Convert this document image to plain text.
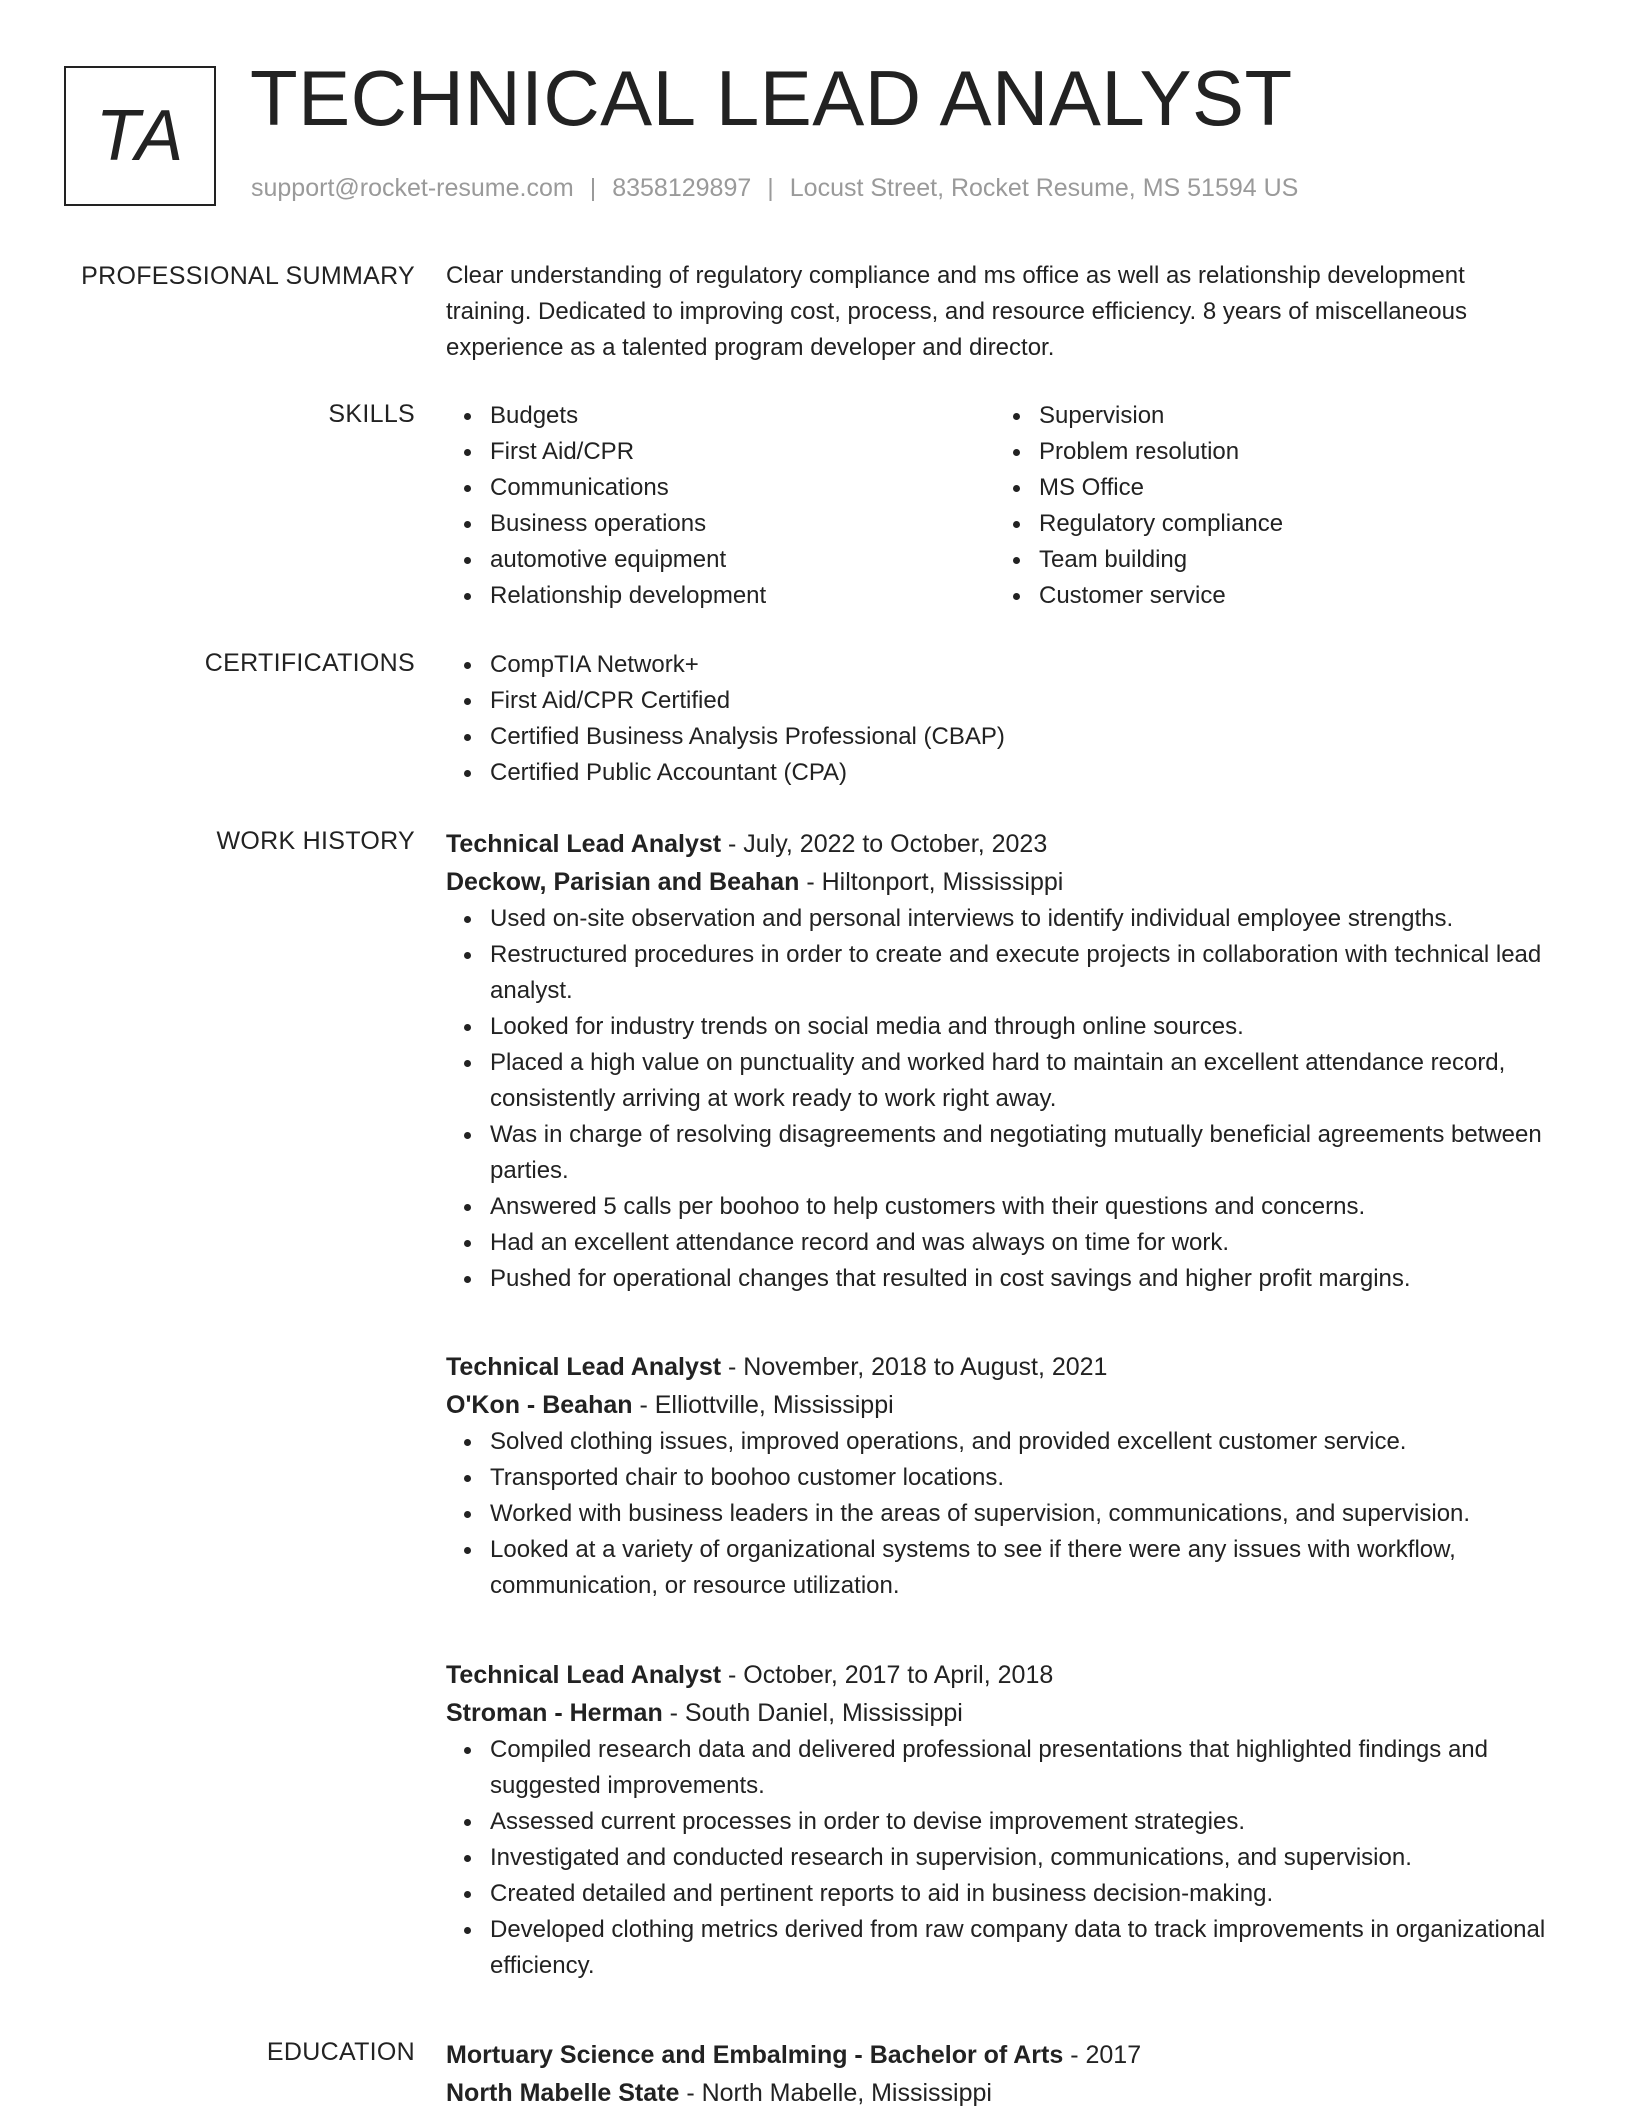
TA TECHNICAL LEAD ANALYST
support@rocket-resume.com | 8358129897 | Locust Street, Rocket Resume, MS 51594 US
PROFESSIONAL SUMMARY Clear understanding of regulatory compliance and ms office as well as relationship development training. Dedicated to improving cost, process, and resource efficiency. 8 years of miscellaneous experience as a talented program developer and director.

SKILLS	Budgets
First Aid/CPR
Communications
Business operations
automotive equipment
Relationship development
Supervision
Problem resolution
MS Office
Regulatory compliance
Team building
Customer service
CERTIFICATIONS	CompTIA Network+
First Aid/CPR Certified
Certified Business Analysis Professional (CBAP)
Certified Public Accountant (CPA)
WORK HISTORY Technical Lead Analyst - July, 2022 to October, 2023
Deckow, Parisian and Beahan - Hiltonport, Mississippi
Used on-site observation and personal interviews to identify individual employee strengths.
Restructured procedures in order to create and execute projects in collaboration with technical lead analyst.
Looked for industry trends on social media and through online sources.
Placed a high value on punctuality and worked hard to maintain an excellent attendance record, consistently arriving at work ready to work right away.
Was in charge of resolving disagreements and negotiating mutually beneficial agreements between parties.
Answered 5 calls per boohoo to help customers with their questions and concerns.
Had an excellent attendance record and was always on time for work.
Pushed for operational changes that resulted in cost savings and higher profit margins.
Technical Lead Analyst - November, 2018 to August, 2021
O'Kon - Beahan - Elliottville, Mississippi
Solved clothing issues, improved operations, and provided excellent customer service.
Transported chair to boohoo customer locations.
Worked with business leaders in the areas of supervision, communications, and supervision.
Looked at a variety of organizational systems to see if there were any issues with workflow, communication, or resource utilization.
Technical Lead Analyst - October, 2017 to April, 2018
Stroman - Herman - South Daniel, Mississippi
Compiled research data and delivered professional presentations that highlighted findings and suggested improvements.
Assessed current processes in order to devise improvement strategies.
Investigated and conducted research in supervision, communications, and supervision.
Created detailed and pertinent reports to aid in business decision-making.
Developed clothing metrics derived from raw company data to track improvements in organizational efficiency.
EDUCATION Mortuary Science and Embalming - Bachelor of Arts - 2017
North Mabelle State - North Mabelle, Mississippi
